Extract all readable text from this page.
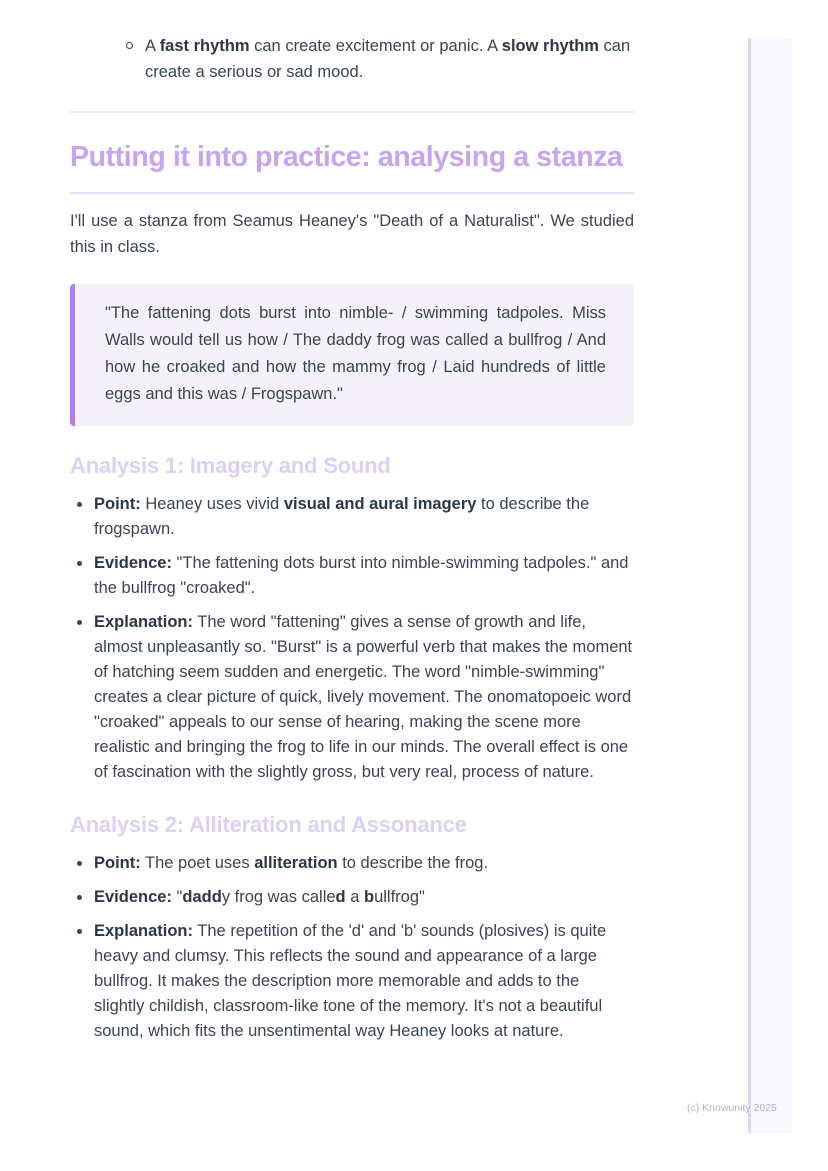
A fast rhythm can create excitement or panic. A slow rhythm can create a serious or sad mood.
Putting it into practice: analysing a stanza

I'll use a stanza from Seamus Heaney's "Death of a Naturalist". We studied this in class.

"The fattening dots burst into nimble- / swimming tadpoles. Miss Walls would tell us how / The daddy frog was called a bullfrog / And how he croaked and how the mammy frog / Laid hundreds of little eggs and this was / Frogspawn."
Analysis 1: Imagery and Sound
Point: Heaney uses vivid visual and aural imagery to describe the frogspawn.
Evidence: "The fattening dots burst into nimble-swimming tadpoles." and the bullfrog "croaked".
Explanation: The word "fattening" gives a sense of growth and life, almost unpleasantly so. "Burst" is a powerful verb that makes the moment of hatching seem sudden and energetic. The word "nimble-swimming" creates a clear picture of quick, lively movement. The onomatopoeic word "croaked" appeals to our sense of hearing, making the scene more realistic and bringing the frog to life in our minds. The overall effect is one of fascination with the slightly gross, but very real, process of nature.
Analysis 2: Alliteration and Assonance
Point: The poet uses alliteration to describe the frog.
Evidence: "daddy frog was called a bullfrog"
Explanation: The repetition of the 'd' and 'b' sounds (plosives) is quite heavy and clumsy. This reflects the sound and appearance of a large bullfrog. It makes the description more memorable and adds to the slightly childish, classroom-like tone of the memory. It's not a beautiful sound, which fits the unsentimental way Heaney looks at nature.
(c) Knowunity 2025
